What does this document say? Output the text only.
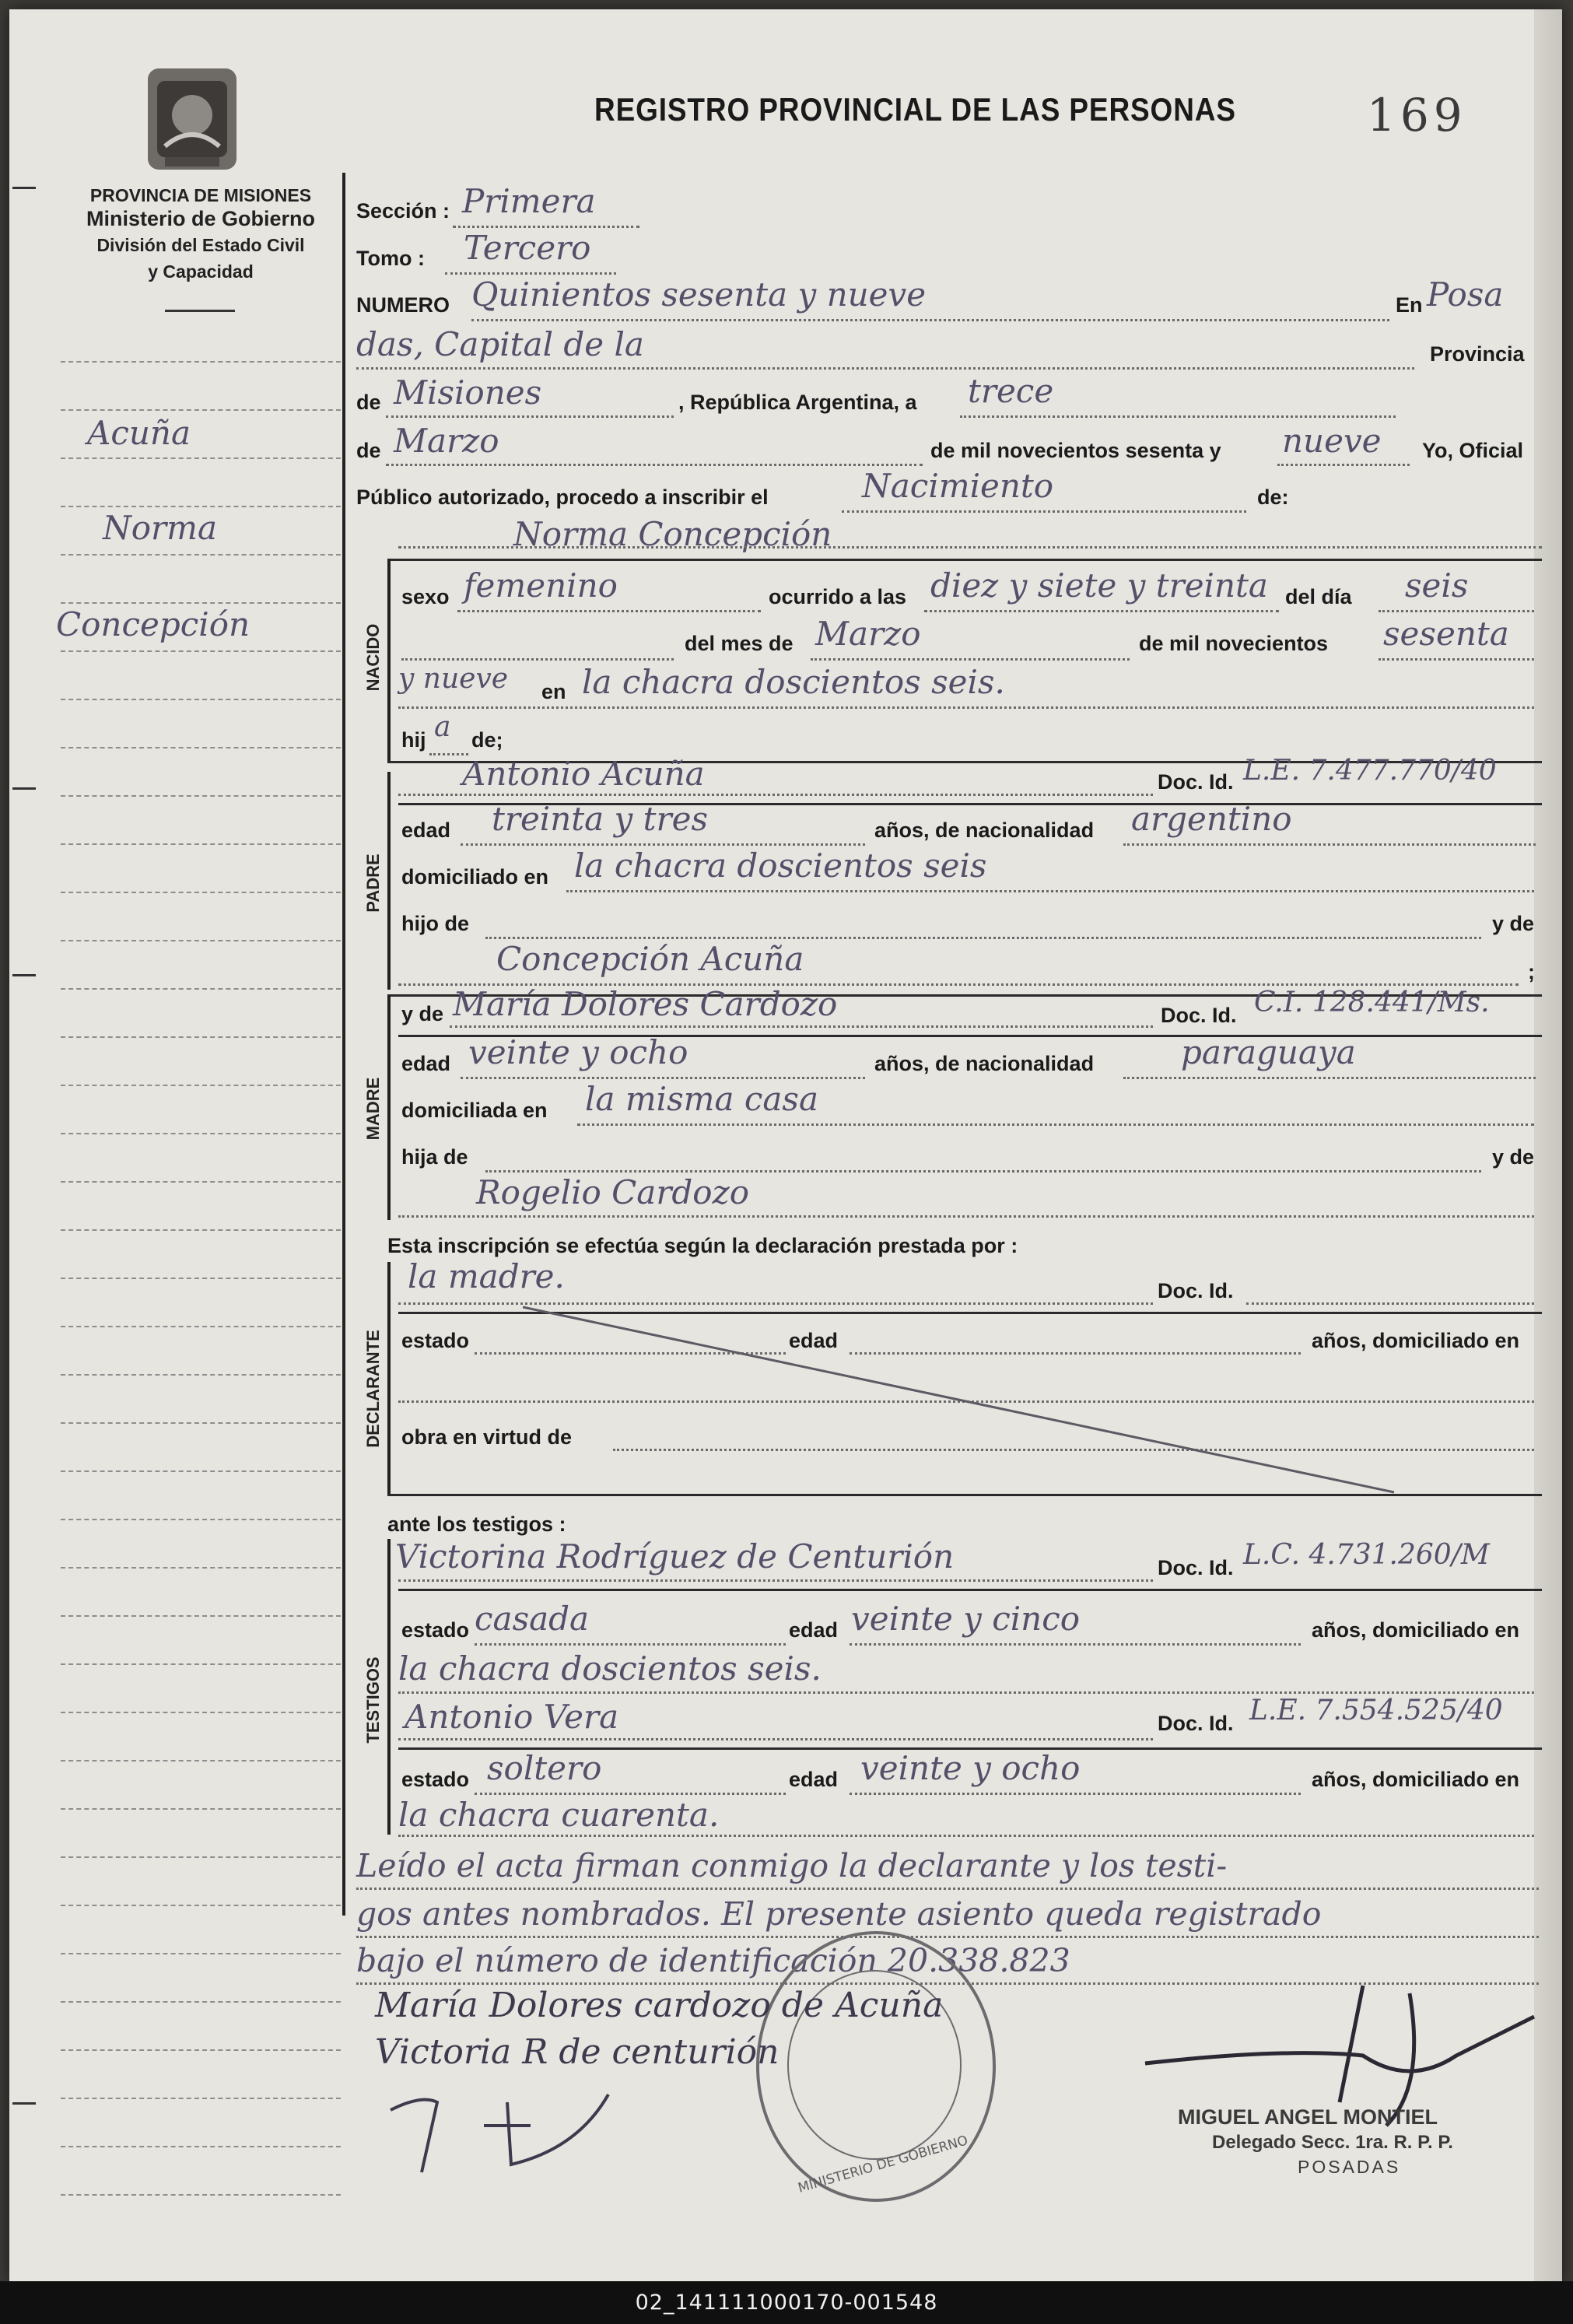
PROVINCIA DE MISIONES
Ministerio de Gobierno
División del Estado Civil
y Capacidad
REGISTRO PROVINCIAL DE LAS PERSONAS	169
Acuña
Norma
Concepción
Sección : Primera
Tomo : Tercero
NUMERO Quinientos sesenta y nueve	En Posa
das, Capital de la	Provincia
de Misiones	, República Argentina, a trece
de Marzo	de mil novecientos sesenta y nueve Yo, Oficial
Público autorizado, procedo a inscribir el	Nacimiento	de:
Norma Concepción
NACIDO
sexo femenino	ocurrido a las diez y siete y treinta del día seis
del mes de Marzo	de mil novecientos sesenta
y nueve en la chacra doscientos seis.
hij a de;
PADRE
Antonio Acuña	Doc. Id. L.E. 7.477.770/40
edad treinta y tres	años, de nacionalidad argentino
domiciliado en la chacra doscientos seis
hijo de	y de
Concepción Acuña	;
MADRE
y de María Dolores Cardozo	Doc. Id. C.I. 128.441/Ms.
edad veinte y ocho	años, de nacionalidad	paraguaya
domiciliada en la misma casa
hija de	y de
Rogelio Cardozo
Esta inscripción se efectúa según la declaración prestada por :
DECLARANTE
la madre.	Doc. Id.
estado	edad	años, domiciliado en
obra en virtud de
ante los testigos :
TESTIGOS
Victorina Rodríguez de Centurión	Doc. Id. L.C. 4.731.260/M
estado casada	edad veinte y cinco	años, domiciliado en
la chacra doscientos seis.
Antonio Vera	Doc. Id. L.E. 7.554.525/40
estado soltero	edad veinte y ocho	años, domiciliado en
la chacra cuarenta.
Leído el acta firman conmigo la declarante y los testi-
gos antes nombrados. El presente asiento queda registrado
bajo el número de identificación 20.338.823
MINISTERIO DE GOBIERNO
María Dolores cardozo de Acuña
Victoria R de centurión
MIGUEL ANGEL MONTIEL
Delegado Secc. 1ra. R. P. P.
POSADAS
02_141111000170-001548
